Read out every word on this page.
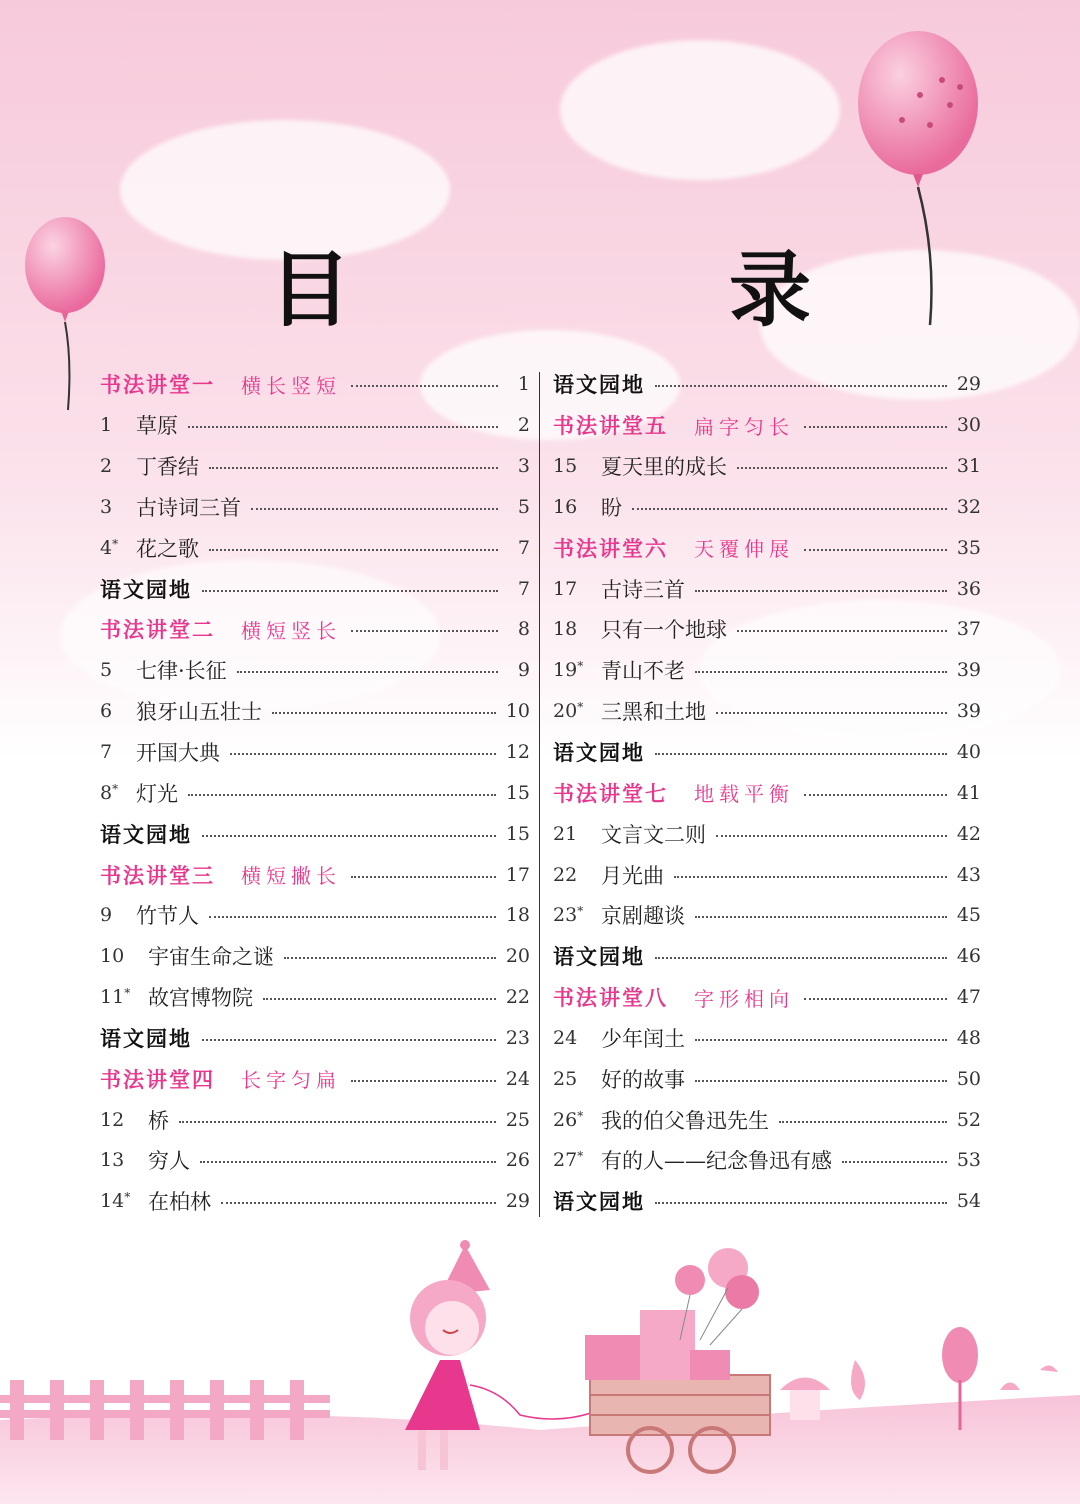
目　录
书法讲堂一 横长竖短	1
1	草原	2
2	丁香结	3
3	古诗词三首	5
4* 花之歌	7
语文园地	7
书法讲堂二 横短竖长	8
5	七律·长征	9
6	狼牙山五壮士	10
7	开国大典	12
8* 灯光	15
语文园地	15
书法讲堂三 横短撇长	17
9	竹节人	18
10	宇宙生命之谜	20
11* 故宫博物院	22
语文园地	23
书法讲堂四 长字匀扁	24
12	桥	25
13	穷人	26
14* 在柏林	29
语文园地	29
书法讲堂五 扁字匀长	30
15	夏天里的成长	31
16	盼	32
书法讲堂六 天覆伸展	35
17	古诗三首	36
18	只有一个地球	37
19* 青山不老	39
20* 三黑和土地	39
语文园地	40
书法讲堂七 地载平衡	41
21	文言文二则	42
22	月光曲	43
23* 京剧趣谈	45
语文园地	46
书法讲堂八 字形相向	47
24	少年闰土	48
25	好的故事	50
26* 我的伯父鲁迅先生	52
27* 有的人——纪念鲁迅有感	53
语文园地	54
